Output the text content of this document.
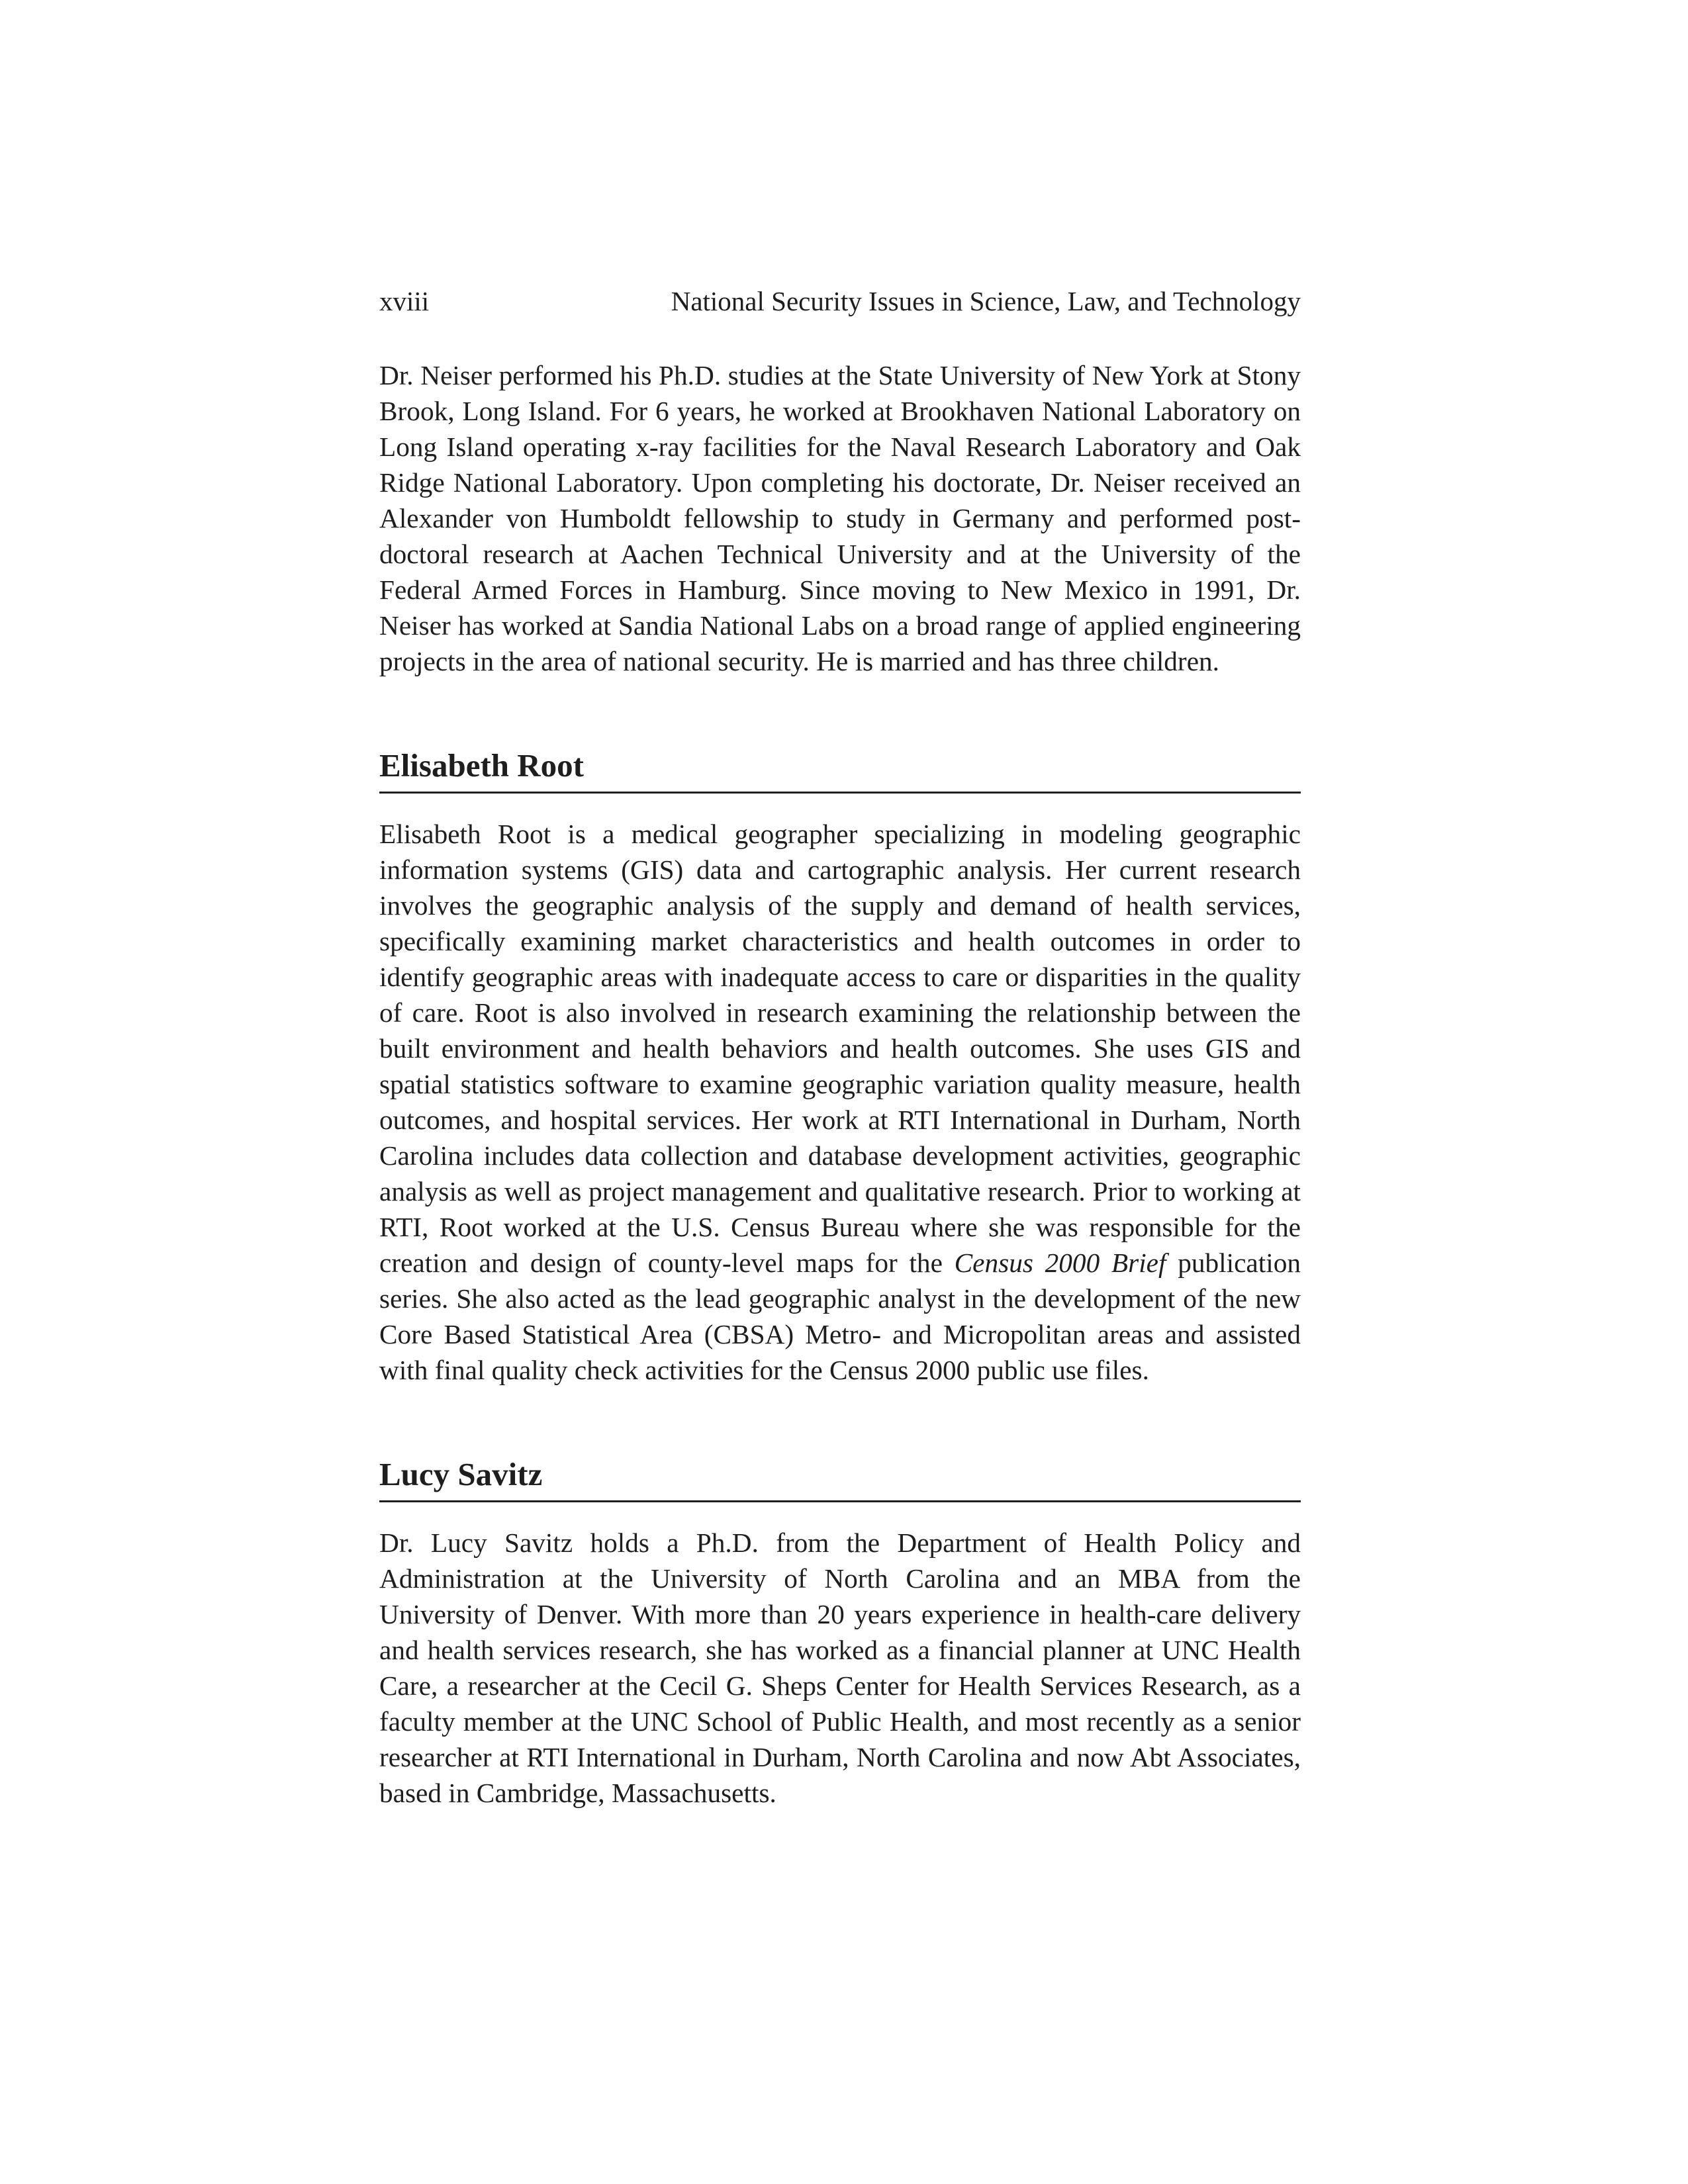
xviii	National Security Issues in Science, Law, and Technology

Dr. Neiser performed his Ph.D. studies at the State University of New York at Stony Brook, Long Island. For 6 years, he worked at Brookhaven National Laboratory on Long Island operating x-ray facilities for the Naval Research Laboratory and Oak Ridge National Laboratory. Upon completing his doctorate, Dr. Neiser received an Alexander von Humboldt fellowship to study in Germany and performed post-doctoral research at Aachen Technical University and at the University of the Federal Armed Forces in Hamburg. Since moving to New Mexico in 1991, Dr. Neiser has worked at Sandia National Labs on a broad range of applied engineering projects in the area of national security. He is married and has three children.

Elisabeth Root

Elisabeth Root is a medical geographer specializing in modeling geographic information systems (GIS) data and cartographic analysis. Her current research involves the geographic analysis of the supply and demand of health services, specifically examining market characteristics and health outcomes in order to identify geographic areas with inadequate access to care or disparities in the quality of care. Root is also involved in research examining the relationship between the built environment and health behaviors and health outcomes. She uses GIS and spatial statistics software to examine geographic variation quality measure, health outcomes, and hospital services. Her work at RTI International in Durham, North Carolina includes data collection and database development activities, geographic analysis as well as project management and qualitative research. Prior to working at RTI, Root worked at the U.S. Census Bureau where she was responsible for the creation and design of county-level maps for the Census 2000 Brief publication series. She also acted as the lead geographic analyst in the development of the new Core Based Statistical Area (CBSA) Metro- and Micropolitan areas and assisted with final quality check activities for the Census 2000 public use files.

Lucy Savitz

Dr. Lucy Savitz holds a Ph.D. from the Department of Health Policy and Administration at the University of North Carolina and an MBA from the University of Denver. With more than 20 years experience in health-care delivery and health services research, she has worked as a financial planner at UNC Health Care, a researcher at the Cecil G. Sheps Center for Health Services Research, as a faculty member at the UNC School of Public Health, and most recently as a senior researcher at RTI International in Durham, North Carolina and now Abt Associates, based in Cambridge, Massachusetts.
